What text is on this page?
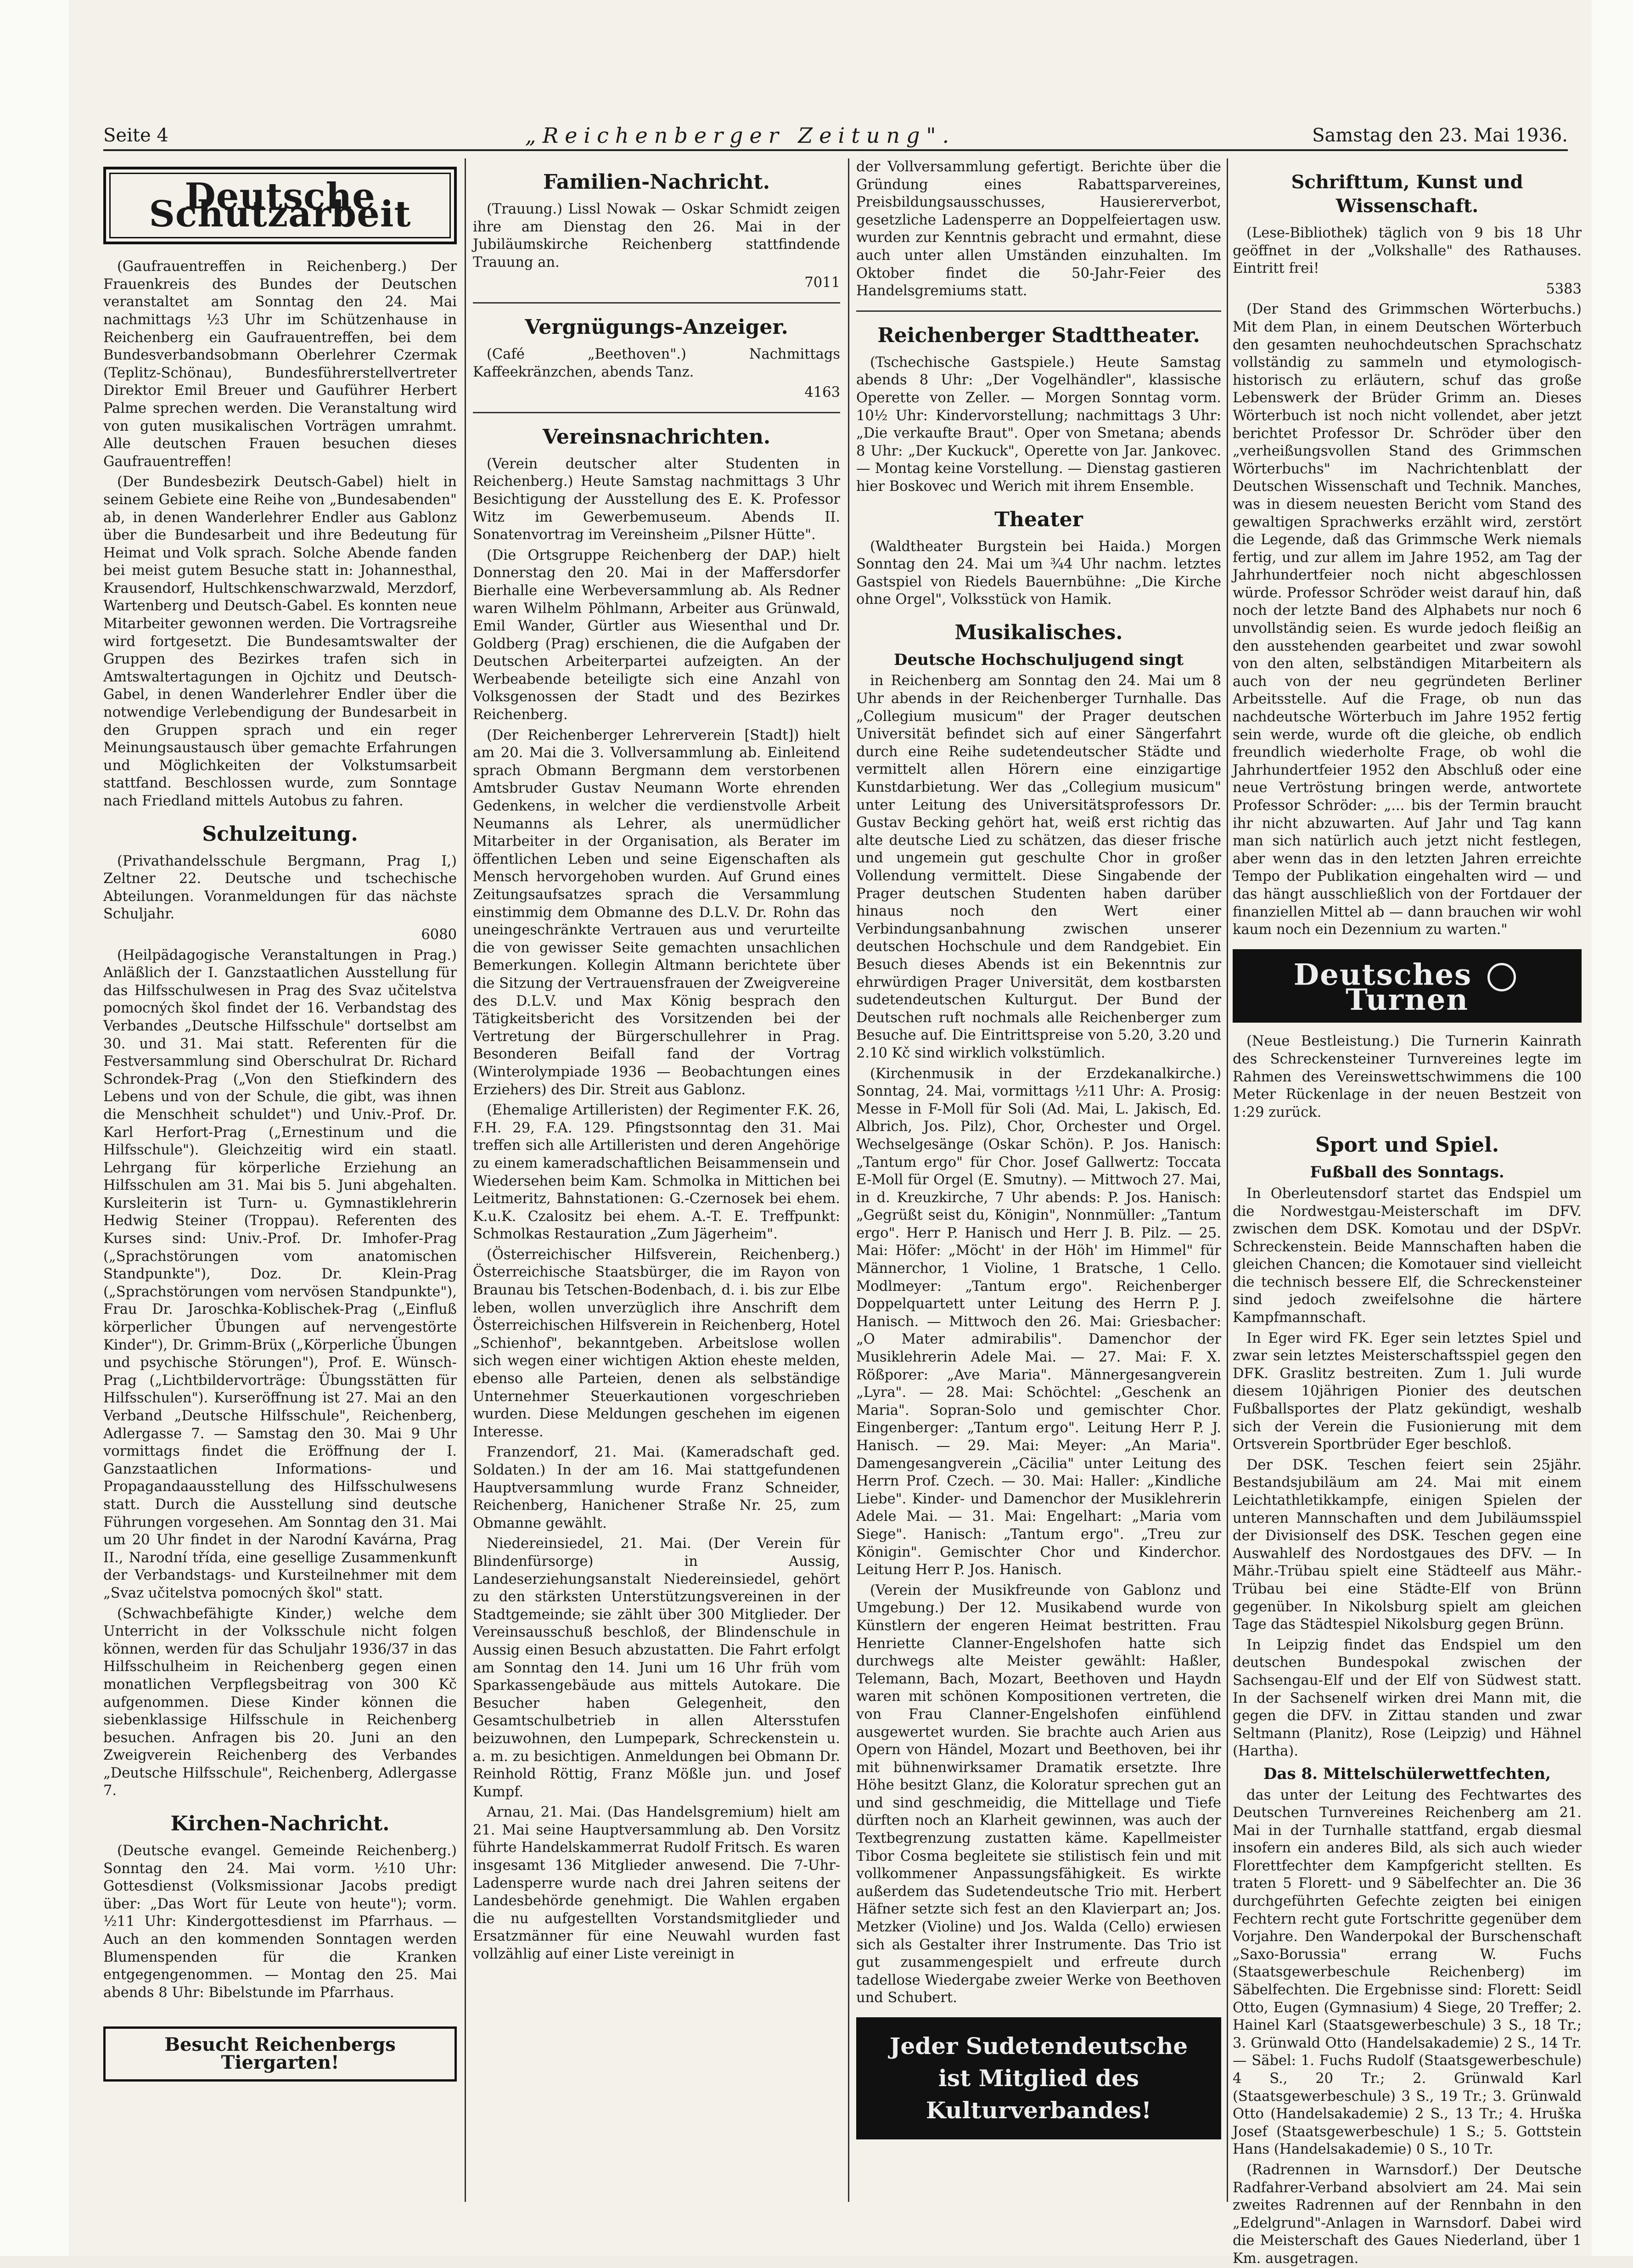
Seite 4	„Reichenberger Zeitung".	Samstag den 23. Mai 1936.
Deutsche Schutzarbeit

(Gaufrauentreffen in Reichenberg.) Der Frauenkreis des Bundes der Deutschen veranstaltet am Sonntag den 24. Mai nachmittags ½3 Uhr im Schützenhause in Reichenberg ein Gaufrauentreffen, bei dem Bundesverbandsobmann Oberlehrer Czermak (Teplitz-Schönau), Bundesführerstellvertreter Direktor Emil Breuer und Gauführer Herbert Palme sprechen werden. Die Veranstaltung wird von guten musikalischen Vorträgen umrahmt. Alle deutschen Frauen besuchen dieses Gaufrauentreffen!

(Der Bundesbezirk Deutsch-Gabel) hielt in seinem Gebiete eine Reihe von „Bundesabenden" ab, in denen Wanderlehrer Endler aus Gablonz über die Bundesarbeit und ihre Bedeutung für Heimat und Volk sprach. Solche Abende fanden bei meist gutem Besuche statt in: Johannesthal, Krausendorf, Hultschkenschwarzwald, Merzdorf, Wartenberg und Deutsch-Gabel. Es konnten neue Mitarbeiter gewonnen werden. Die Vortragsreihe wird fortgesetzt. Die Bundesamtswalter der Gruppen des Bezirkes trafen sich in Amtswaltertagungen in Ojchitz und Deutsch-Gabel, in denen Wanderlehrer Endler über die notwendige Verlebendigung der Bundesarbeit in den Gruppen sprach und ein reger Meinungsaustausch über gemachte Erfahrungen und Möglichkeiten der Volkstumsarbeit stattfand. Beschlossen wurde, zum Sonntage nach Friedland mittels Autobus zu fahren.

Schulzeitung.

(Privathandelsschule Bergmann, Prag I,) Zeltner 22. Deutsche und tschechische Abteilungen. Voranmeldungen für das nächste Schuljahr.

6080

(Heilpädagogische Veranstaltungen in Prag.) Anläßlich der I. Ganzstaatlichen Ausstellung für das Hilfsschulwesen in Prag des Svaz učitelstva pomocných škol findet der 16. Verbandstag des Verbandes „Deutsche Hilfsschule" dortselbst am 30. und 31. Mai statt. Referenten für die Festversammlung sind Oberschulrat Dr. Richard Schrondek-Prag („Von den Stiefkindern des Lebens und von der Schule, die gibt, was ihnen die Menschheit schuldet") und Univ.-Prof. Dr. Karl Herfort-Prag („Ernestinum und die Hilfsschule"). Gleichzeitig wird ein staatl. Lehrgang für körperliche Erziehung an Hilfsschulen am 31. Mai bis 5. Juni abgehalten. Kursleiterin ist Turn- u. Gymnastiklehrerin Hedwig Steiner (Troppau). Referenten des Kurses sind: Univ.-Prof. Dr. Imhofer-Prag („Sprachstörungen vom anatomischen Standpunkte"), Doz. Dr. Klein-Prag („Sprachstörungen vom nervösen Standpunkte"), Frau Dr. Jaroschka-Koblischek-Prag („Einfluß körperlicher Übungen auf nervengestörte Kinder"), Dr. Grimm-Brüx („Körperliche Übungen und psychische Störungen"), Prof. E. Wünsch-Prag („Lichtbildervorträge: Übungsstätten für Hilfsschulen"). Kurseröffnung ist 27. Mai an den Verband „Deutsche Hilfsschule", Reichenberg, Adlergasse 7. — Samstag den 30. Mai 9 Uhr vormittags findet die Eröffnung der I. Ganzstaatlichen Informations- und Propagandaausstellung des Hilfsschulwesens statt. Durch die Ausstellung sind deutsche Führungen vorgesehen. Am Sonntag den 31. Mai um 20 Uhr findet in der Narodní Kavárna, Prag II., Narodní třída, eine gesellige Zusammenkunft der Verbandstags- und Kursteilnehmer mit dem „Svaz učitelstva pomocných škol" statt.

(Schwachbefähigte Kinder,) welche dem Unterricht in der Volksschule nicht folgen können, werden für das Schuljahr 1936/37 in das Hilfsschulheim in Reichenberg gegen einen monatlichen Verpflegsbeitrag von 300 Kč aufgenommen. Diese Kinder können die siebenklassige Hilfsschule in Reichenberg besuchen. Anfragen bis 20. Juni an den Zweigverein Reichenberg des Verbandes „Deutsche Hilfsschule", Reichenberg, Adlergasse 7.

Kirchen-Nachricht.

(Deutsche evangel. Gemeinde Reichenberg.) Sonntag den 24. Mai vorm. ½10 Uhr: Gottesdienst (Volksmissionar Jacobs predigt über: „Das Wort für Leute von heute"); vorm. ½11 Uhr: Kindergottesdienst im Pfarrhaus. — Auch an den kommenden Sonntagen werden Blumenspenden für die Kranken entgegengenommen. — Montag den 25. Mai abends 8 Uhr: Bibelstunde im Pfarrhaus.

Besucht Reichenbergs Tiergarten!
Familien-Nachricht.

(Trauung.) Lissl Nowak — Oskar Schmidt zeigen ihre am Dienstag den 26. Mai in der Jubiläumskirche Reichenberg stattfindende Trauung an.

7011

Vergnügungs-Anzeiger.

(Café „Beethoven".) Nachmittags Kaffeekränzchen, abends Tanz.

4163

Vereinsnachrichten.

(Verein deutscher alter Studenten in Reichenberg.) Heute Samstag nachmittags 3 Uhr Besichtigung der Ausstellung des E. K. Professor Witz im Gewerbemuseum. Abends II. Sonatenvortrag im Vereinsheim „Pilsner Hütte".

(Die Ortsgruppe Reichenberg der DAP.) hielt Donnerstag den 20. Mai in der Maffersdorfer Bierhalle eine Werbeversammlung ab. Als Redner waren Wilhelm Pöhlmann, Arbeiter aus Grünwald, Emil Wander, Gürtler aus Wiesenthal und Dr. Goldberg (Prag) erschienen, die die Aufgaben der Deutschen Arbeiterpartei aufzeigten. An der Werbeabende beteiligte sich eine Anzahl von Volksgenossen der Stadt und des Bezirkes Reichenberg.

(Der Reichenberger Lehrerverein [Stadt]) hielt am 20. Mai die 3. Vollversammlung ab. Einleitend sprach Obmann Bergmann dem verstorbenen Amtsbruder Gustav Neumann Worte ehrenden Gedenkens, in welcher die verdienstvolle Arbeit Neumanns als Lehrer, als unermüdlicher Mitarbeiter in der Organisation, als Berater im öffentlichen Leben und seine Eigenschaften als Mensch hervorgehoben wurden. Auf Grund eines Zeitungsaufsatzes sprach die Versammlung einstimmig dem Obmanne des D.L.V. Dr. Rohn das uneingeschränkte Vertrauen aus und verurteilte die von gewisser Seite gemachten unsachlichen Bemerkungen. Kollegin Altmann berichtete über die Sitzung der Vertrauensfrauen der Zweigvereine des D.L.V. und Max König besprach den Tätigkeitsbericht des Vorsitzenden bei der Vertretung der Bürgerschullehrer in Prag. Besonderen Beifall fand der Vortrag (Winterolympiade 1936 — Beobachtungen eines Erziehers) des Dir. Streit aus Gablonz.

(Ehemalige Artilleristen) der Regimenter F.K. 26, F.H. 29, F.A. 129. Pfingstsonntag den 31. Mai treffen sich alle Artilleristen und deren Angehörige zu einem kameradschaftlichen Beisammensein und Wiedersehen beim Kam. Schmolka in Mittichen bei Leitmeritz, Bahnstationen: G.-Czernosek bei ehem. K.u.K. Czalositz bei ehem. A.-T. E. Treffpunkt: Schmolkas Restauration „Zum Jägerheim".

(Österreichischer Hilfsverein, Reichenberg.) Österreichische Staatsbürger, die im Rayon von Braunau bis Tetschen-Bodenbach, d. i. bis zur Elbe leben, wollen unverzüglich ihre Anschrift dem Österreichischen Hilfsverein in Reichenberg, Hotel „Schienhof", bekanntgeben. Arbeitslose wollen sich wegen einer wichtigen Aktion eheste melden, ebenso alle Parteien, denen als selbständige Unternehmer Steuerkautionen vorgeschrieben wurden. Diese Meldungen geschehen im eigenen Interesse.

Franzendorf, 21. Mai. (Kameradschaft ged. Soldaten.) In der am 16. Mai stattgefundenen Hauptversammlung wurde Franz Schneider, Reichenberg, Hanichener Straße Nr. 25, zum Obmanne gewählt.

Niedereinsiedel, 21. Mai. (Der Verein für Blindenfürsorge) in Aussig, Landeserziehungsanstalt Niedereinsiedel, gehört zu den stärksten Unterstützungsvereinen in der Stadtgemeinde; sie zählt über 300 Mitglieder. Der Vereinsausschuß beschloß, der Blindenschule in Aussig einen Besuch abzustatten. Die Fahrt erfolgt am Sonntag den 14. Juni um 16 Uhr früh vom Sparkassengebäude aus mittels Autokare. Die Besucher haben Gelegenheit, den Gesamtschulbetrieb in allen Altersstufen beizuwohnen, den Lumpepark, Schreckenstein u. a. m. zu besichtigen. Anmeldungen bei Obmann Dr. Reinhold Röttig, Franz Mößle jun. und Josef Kumpf.

Arnau, 21. Mai. (Das Handelsgremium) hielt am 21. Mai seine Hauptversammlung ab. Den Vorsitz führte Handelskammerrat Rudolf Fritsch. Es waren insgesamt 136 Mitglieder anwesend. Die 7-Uhr-Ladensperre wurde nach drei Jahren seitens der Landesbehörde genehmigt. Die Wahlen ergaben die nu aufgestellten Vorstandsmitglieder und Ersatzmänner für eine Neuwahl wurden fast vollzählig auf einer Liste vereinigt in

der Vollversammlung gefertigt. Berichte über die Gründung eines Rabattsparvereines, Preisbildungsausschusses, Hausiererverbot, gesetzliche Ladensperre an Doppelfeiertagen usw. wurden zur Kenntnis gebracht und ermahnt, diese auch unter allen Umständen einzuhalten. Im Oktober findet die 50-Jahr-Feier des Handelsgremiums statt.

Reichenberger Stadttheater.

(Tschechische Gastspiele.) Heute Samstag abends 8 Uhr: „Der Vogelhändler", klassische Operette von Zeller. — Morgen Sonntag vorm. 10½ Uhr: Kindervorstellung; nachmittags 3 Uhr: „Die verkaufte Braut". Oper von Smetana; abends 8 Uhr: „Der Kuckuck", Operette von Jar. Jankovec. — Montag keine Vorstellung. — Dienstag gastieren hier Boskovec und Werich mit ihrem Ensemble.

Theater

(Waldtheater Burgstein bei Haida.) Morgen Sonntag den 24. Mai um ¾4 Uhr nachm. letztes Gastspiel von Riedels Bauernbühne: „Die Kirche ohne Orgel", Volksstück von Hamik.

Musikalisches.
Deutsche Hochschuljugend singt

in Reichenberg am Sonntag den 24. Mai um 8 Uhr abends in der Reichenberger Turnhalle. Das „Collegium musicum" der Prager deutschen Universität befindet sich auf einer Sängerfahrt durch eine Reihe sudetendeutscher Städte und vermittelt allen Hörern eine einzigartige Kunstdarbietung. Wer das „Collegium musicum" unter Leitung des Universitätsprofessors Dr. Gustav Becking gehört hat, weiß erst richtig das alte deutsche Lied zu schätzen, das dieser frische und ungemein gut geschulte Chor in großer Vollendung vermittelt. Diese Singabende der Prager deutschen Studenten haben darüber hinaus noch den Wert einer Verbindungsanbahnung zwischen unserer deutschen Hochschule und dem Randgebiet. Ein Besuch dieses Abends ist ein Bekenntnis zur ehrwürdigen Prager Universität, dem kostbarsten sudetendeutschen Kulturgut. Der Bund der Deutschen ruft nochmals alle Reichenberger zum Besuche auf. Die Eintrittspreise von 5.20, 3.20 und 2.10 Kč sind wirklich volkstümlich.

(Kirchenmusik in der Erzdekanalkirche.) Sonntag, 24. Mai, vormittags ½11 Uhr: A. Prosig: Messe in F-Moll für Soli (Ad. Mai, L. Jakisch, Ed. Albrich, Jos. Pilz), Chor, Orchester und Orgel. Wechselgesänge (Oskar Schön). P. Jos. Hanisch: „Tantum ergo" für Chor. Josef Gallwertz: Toccata E-Moll für Orgel (E. Smutny). — Mittwoch 27. Mai, in d. Kreuzkirche, 7 Uhr abends: P. Jos. Hanisch: „Gegrüßt seist du, Königin", Nonnmüller: „Tantum ergo". Herr P. Hanisch und Herr J. B. Pilz. — 25. Mai: Höfer: „Möcht' in der Höh' im Himmel" für Männerchor, 1 Violine, 1 Bratsche, 1 Cello. Modlmeyer: „Tantum ergo". Reichenberger Doppelquartett unter Leitung des Herrn P. J. Hanisch. — Mittwoch den 26. Mai: Griesbacher: „O Mater admirabilis". Damenchor der Musiklehrerin Adele Mai. — 27. Mai: F. X. Rößporer: „Ave Maria". Männergesangverein „Lyra". — 28. Mai: Schöchtel: „Geschenk an Maria". Sopran-Solo und gemischter Chor. Eingenberger: „Tantum ergo". Leitung Herr P. J. Hanisch. — 29. Mai: Meyer: „An Maria". Damengesangverein „Cäcilia" unter Leitung des Herrn Prof. Czech. — 30. Mai: Haller: „Kindliche Liebe". Kinder- und Damenchor der Musiklehrerin Adele Mai. — 31. Mai: Engelhart: „Maria vom Siege". Hanisch: „Tantum ergo". „Treu zur Königin". Gemischter Chor und Kinderchor. Leitung Herr P. Jos. Hanisch.

(Verein der Musikfreunde von Gablonz und Umgebung.) Der 12. Musikabend wurde von Künstlern der engeren Heimat bestritten. Frau Henriette Clanner-Engelshofen hatte sich durchwegs alte Meister gewählt: Haßler, Telemann, Bach, Mozart, Beethoven und Haydn waren mit schönen Kompositionen vertreten, die von Frau Clanner-Engelshofen einfühlend ausgewertet wurden. Sie brachte auch Arien aus Opern von Händel, Mozart und Beethoven, bei ihr mit bühnenwirksamer Dramatik ersetzte. Ihre Höhe besitzt Glanz, die Koloratur sprechen gut an und sind geschmeidig, die Mittellage und Tiefe dürften noch an Klarheit gewinnen, was auch der Textbegrenzung zustatten käme. Kapellmeister Tibor Cosma begleitete sie stilistisch fein und mit vollkommener Anpassungsfähigkeit. Es wirkte außerdem das Sudetendeutsche Trio mit. Herbert Häfner setzte sich fest an den Klavierpart an; Jos. Metzker (Violine) und Jos. Walda (Cello) erwiesen sich als Gestalter ihrer Instrumente. Das Trio ist gut zusammengespielt und erfreute durch tadellose Wiedergabe zweier Werke von Beethoven und Schubert.

Jeder Sudetendeutsche
ist Mitglied des Kulturverbandes!
Schrifttum, Kunst und Wissenschaft.

(Lese-Bibliothek) täglich von 9 bis 18 Uhr geöffnet in der „Volkshalle" des Rathauses. Eintritt frei!

5383

(Der Stand des Grimmschen Wörterbuchs.) Mit dem Plan, in einem Deutschen Wörterbuch den gesamten neuhochdeutschen Sprachschatz vollständig zu sammeln und etymologisch-historisch zu erläutern, schuf das große Lebenswerk der Brüder Grimm an. Dieses Wörterbuch ist noch nicht vollendet, aber jetzt berichtet Professor Dr. Schröder über den „verheißungsvollen Stand des Grimmschen Wörterbuchs" im Nachrichtenblatt der Deutschen Wissenschaft und Technik. Manches, was in diesem neuesten Bericht vom Stand des gewaltigen Sprachwerks erzählt wird, zerstört die Legende, daß das Grimmsche Werk niemals fertig, und zur allem im Jahre 1952, am Tag der Jahrhundertfeier noch nicht abgeschlossen würde. Professor Schröder weist darauf hin, daß noch der letzte Band des Alphabets nur noch 6 unvollständig seien. Es wurde jedoch fleißig an den ausstehenden gearbeitet und zwar sowohl von den alten, selbständigen Mitarbeitern als auch von der neu gegründeten Berliner Arbeitsstelle. Auf die Frage, ob nun das nachdeutsche Wörterbuch im Jahre 1952 fertig sein werde, wurde oft die gleiche, ob endlich freundlich wiederholte Frage, ob wohl die Jahrhundertfeier 1952 den Abschluß oder eine neue Vertröstung bringen werde, antwortete Professor Schröder: „... bis der Termin braucht ihr nicht abzuwarten. Auf Jahr und Tag kann man sich natürlich auch jetzt nicht festlegen, aber wenn das in den letzten Jahren erreichte Tempo der Publikation eingehalten wird — und das hängt ausschließlich von der Fortdauer der finanziellen Mittel ab — dann brauchen wir wohl kaum noch ein Dezennium zu warten."

Deutsches  Turnen

(Neue Bestleistung.) Die Turnerin Kainrath des Schreckensteiner Turnvereines legte im Rahmen des Vereinswettschwimmens die 100 Meter Rückenlage in der neuen Bestzeit von 1:29 zurück.

Sport und Spiel.
Fußball des Sonntags.

In Oberleutensdorf startet das Endspiel um die Nordwestgau-Meisterschaft im DFV. zwischen dem DSK. Komotau und der DSpVr. Schreckenstein. Beide Mannschaften haben die gleichen Chancen; die Komotauer sind vielleicht die technisch bessere Elf, die Schreckensteiner sind jedoch zweifelsohne die härtere Kampfmannschaft.

In Eger wird FK. Eger sein letztes Spiel und zwar sein letztes Meisterschaftsspiel gegen den DFK. Graslitz bestreiten. Zum 1. Juli wurde diesem 10jährigen Pionier des deutschen Fußballsportes der Platz gekündigt, weshalb sich der Verein die Fusionierung mit dem Ortsverein Sportbrüder Eger beschloß.

Der DSK. Teschen feiert sein 25jähr. Bestandsjubiläum am 24. Mai mit einem Leichtathletikkampfe, einigen Spielen der unteren Mannschaften und dem Jubiläumsspiel der Divisionself des DSK. Teschen gegen eine Auswahlelf des Nordostgaues des DFV. — In Mähr.-Trübau spielt eine Städteelf aus Mähr.-Trübau bei eine Städte-Elf von Brünn gegenüber. In Nikolsburg spielt am gleichen Tage das Städtespiel Nikolsburg gegen Brünn.

In Leipzig findet das Endspiel um den deutschen Bundespokal zwischen der Sachsengau-Elf und der Elf von Südwest statt. In der Sachsenelf wirken drei Mann mit, die gegen die DFV. in Zittau standen und zwar Seltmann (Planitz), Rose (Leipzig) und Hähnel (Hartha).

Das 8. Mittelschülerwettfechten,

das unter der Leitung des Fechtwartes des Deutschen Turnvereines Reichenberg am 21. Mai in der Turnhalle stattfand, ergab diesmal insofern ein anderes Bild, als sich auch wieder Florettfechter dem Kampfgericht stellten. Es traten 5 Florett- und 9 Säbelfechter an. Die 36 durchgeführten Gefechte zeigten bei einigen Fechtern recht gute Fortschritte gegenüber dem Vorjahre. Den Wanderpokal der Burschenschaft „Saxo-Borussia" errang W. Fuchs (Staatsgewerbeschule Reichenberg) im Säbelfechten. Die Ergebnisse sind: Florett: Seidl Otto, Eugen (Gymnasium) 4 Siege, 20 Treffer; 2. Hainel Karl (Staatsgewerbeschule) 3 S., 18 Tr.; 3. Grünwald Otto (Handelsakademie) 2 S., 14 Tr. — Säbel: 1. Fuchs Rudolf (Staatsgewerbeschule) 4 S., 20 Tr.; 2. Grünwald Karl (Staatsgewerbeschule) 3 S., 19 Tr.; 3. Grünwald Otto (Handelsakademie) 2 S., 13 Tr.; 4. Hruška Josef (Staatsgewerbeschule) 1 S.; 5. Gottstein Hans (Handelsakademie) 0 S., 10 Tr.

(Radrennen in Warnsdorf.) Der Deutsche Radfahrer-Verband absolviert am 24. Mai sein zweites Radrennen auf der Rennbahn in den „Edelgrund"-Anlagen in Warnsdorf. Dabei wird die Meisterschaft des Gaues Niederland, über 1 Km. ausgetragen.
